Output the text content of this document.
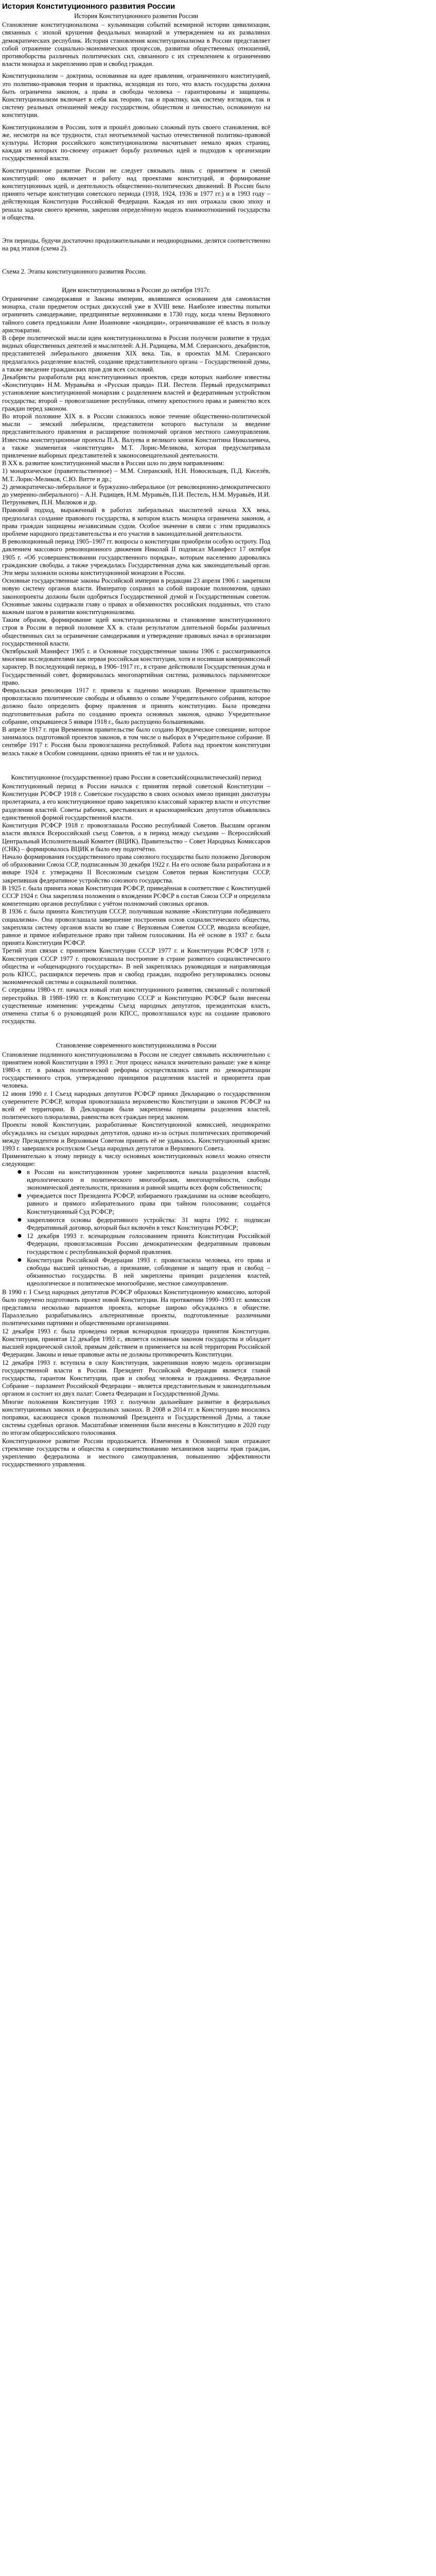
История Конституционного развития России
История Конституционного развития России

Становление конституционализма – кульминация событий всемирной истории цивилизации, связанных с эпохой крушения феодальных монархий и утверждением на их развалинах демократических республик. История становления конституционализма в России представляет собой отражение социально-экономических процессов, развития общественных отношений, противоборства различных политических сил, связанного с их стремлением к ограничению власти монарха и закреплению прав и свобод граждан.

Конституционализм – доктрина, основанная на идее правления, ограниченного конституцией, это политико-правовая теория и практика, исходящая из того, что власть государства должна быть ограничена законом, а права и свободы человека – гарантированы и защищены. Конституционализм включает в себя как теорию, так и практику, как систему взглядов, так и систему реальных отношений между государством, обществом и личностью, основанную на конституции.

Конституционализм в России, хотя и прошёл довольно сложный путь своего становления, всё же, несмотря на все трудности, стал неотъемлемой частью отечественной политико-правовой культуры. История российского конституционализма насчитывает немало ярких страниц, каждая из которых по-своему отражает борьбу различных идей и подходов к организации государственной власти.

Конституционное развитие России не следует связывать лишь с принятием и сменой конституций: оно включает и работу над проектами конституций, и формирование конституционных идей, и деятельность общественно-политических движений. В России было принято четыре конституции советского периода (1918, 1924, 1936 и 1977 гг.) и в 1993 году – действующая Конституция Российской Федерации. Каждая из них отражала свою эпоху и решала задачи своего времени, закрепляя определённую модель взаимоотношений государства и общества.

Эти периоды, будучи достаточно продолжительными и неоднородными, делятся соответственно на ряд этапов (схема 2).

Схема 2. Этапы конституционного развития России.

Идеи конституционализма в России до октября 1917г.

Ограничение самодержавия и Законы империи, являвшиеся основанием для самовластия монарха, стали предметом острых дискуссий уже в XVIII веке. Наиболее известны попытки ограничить самодержавие, предпринятые верховниками в 1730 году, когда члены Верховного тайного совета предложили Анне Иоанновне «кондиции», ограничивавшие её власть в пользу аристократии.

В сфере политической мысли идеи конституционализма в России получили развитие в трудах видных общественных деятелей и мыслителей: А.Н. Радищева, М.М. Сперанского, декабристов, представителей либерального движения XIX века. Так, в проектах М.М. Сперанского предлагалось разделение властей, создание представительного органа – Государственной думы, а также введение гражданских прав для всех сословий.

Декабристы разработали ряд конституционных проектов, среди которых наиболее известны «Конституция» Н.М. Муравьёва и «Русская правда» П.И. Пестеля. Первый предусматривал установление конституционной монархии с разделением властей и федеративным устройством государства; второй – провозглашение республики, отмену крепостного права и равенство всех граждан перед законом.

Во второй половине XIX в. в России сложилось новое течение общественно-политической мысли – земский либерализм, представители которого выступали за введение представительного правления и расширение полномочий органов местного самоуправления. Известны конституционные проекты П.А. Валуева и великого князя Константина Николаевича, а также знаменитая «конституция» М.Т. Лорис-Меликова, которая предусматривала привлечение выборных представителей к законосовещательной деятельности.

В XX в. развитие конституционной мысли в России шло по двум направлениям:

1) монархическое (правительственное) – М.М. Сперанский, Н.Н. Новосильцев, П.Д. Киселёв, М.Т. Лорис-Меликов, С.Ю. Витте и др.;

2) демократическо-либеральное и буржуазно-либеральное (от революционно-демократического до умеренно-либерального) – А.Н. Радищев, Н.М. Муравьёв, П.И. Пестель, Н.М. Муравьёв, И.И. Петрункевич, П.Н. Милюков и др.

Правовой подход, выраженный в работах либеральных мыслителей начала XX века, предполагал создание правового государства, в котором власть монарха ограничена законом, а права граждан защищены независимым судом. Особое значение в связи с этим придавалось проблеме народного представительства и его участия в законодательной деятельности.

В революционный период 1905–1907 гг. вопросы о конституции приобрели особую остроту. Под давлением массового революционного движения Николай II подписал Манифест 17 октября 1905 г. «Об усовершенствовании государственного порядка», которым населению даровались гражданские свободы, а также учреждалась Государственная дума как законодательный орган. Эти меры заложили основы конституционной монархии в России.

Основные государственные законы Российской империи в редакции 23 апреля 1906 г. закрепили новую систему органов власти. Император сохранял за собой широкие полномочия, однако законопроекты должны были одобряться Государственной думой и Государственным советом. Основные законы содержали главу о правах и обязанностях российских подданных, что стало важным шагом в развитии конституционализма.

Таким образом, формирование идей конституционализма и становление конституционного строя в России в первой половине XX в. стали результатом длительной борьбы различных общественных сил за ограничение самодержавия и утверждение правовых начал в организации государственной власти.

Октябрьский Манифест 1905 г. и Основные государственные законы 1906 г. рассматриваются многими исследователями как первая российская конституция, хотя и носившая компромиссный характер. В последующий период, в 1906–1917 гг., в стране действовали Государственная дума и Государственный совет, формировалась многопартийная система, развивалось парламентское право.

Февральская революция 1917 г. привела к падению монархии. Временное правительство провозгласило политические свободы и объявило о созыве Учредительного собрания, которое должно было определить форму правления и принять конституцию. Была проведена подготовительная работа по созданию проекта основных законов, однако Учредительное собрание, открывшееся 5 января 1918 г., было распущено большевиками.

В апреле 1917 г. при Временном правительстве было создано Юридическое совещание, которое занималось подготовкой проектов законов, в том числе о выборах в Учредительное собрание. В сентябре 1917 г. Россия была провозглашена республикой. Работа над проектом конституции велась также в Особом совещании, однако принять её так и не удалось.

Конституционное (государственное) право России в советский(социалистический) период

Конституционный период в России начался с принятия первой советской Конституции – Конституции РСФСР 1918 г. Советское государство в своих основах имело принцип диктатуры пролетариата, а его конституционное право закрепляло классовый характер власти и отсутствие разделения властей. Советы рабочих, крестьянских и красноармейских депутатов объявлялись единственной формой государственной власти.

Конституция РСФСР 1918 г. провозглашала Россию республикой Советов. Высшим органом власти являлся Всероссийский съезд Советов, а в период между съездами – Всероссийский Центральный Исполнительный Комитет (ВЦИК). Правительство – Совет Народных Комиссаров (СНК) – формировалось ВЦИК и было ему подотчётно.

Начало формирования государственного права союзного государства было положено Договором об образовании Союза ССР, подписанным 30 декабря 1922 г. На его основе была разработана и в январе 1924 г. утверждена II Всесоюзным съездом Советов первая Конституция СССР, закрепившая федеративное устройство союзного государства.

В 1925 г. была принята новая Конституция РСФСР, приведённая в соответствие с Конституцией СССР 1924 г. Она закрепляла положения о вхождении РСФСР в состав Союза ССР и определяла компетенцию органов республики с учётом полномочий союзных органов.

В 1936 г. была принята Конституция СССР, получившая название «Конституции победившего социализма». Она провозглашала завершение построения основ социалистического общества, закрепляла систему органов власти во главе с Верховным Советом СССР, вводила всеобщее, равное и прямое избирательное право при тайном голосовании. На её основе в 1937 г. была принята Конституция РСФСР.

Третий этап связан с принятием Конституции СССР 1977 г. и Конституции РСФСР 1978 г. Конституция СССР 1977 г. провозглашала построение в стране развитого социалистического общества и «общенародного государства». В ней закреплялась руководящая и направляющая роль КПСС, расширялся перечень прав и свобод граждан, подробно регулировались основы экономической системы и социальной политики.

С середины 1980-х гг. начался новый этап конституционного развития, связанный с политикой перестройки. В 1988–1990 гг. в Конституцию СССР и Конституцию РСФСР были внесены существенные изменения: учреждены Съезд народных депутатов, президентская власть, отменена статья 6 о руководящей роли КПСС, провозглашался курс на создание правового государства.

Становление современного конституционализма в России

Становление подлинного конституционализма в России не следует связывать исключительно с принятием новой Конституции в 1993 г. Этот процесс начался значительно раньше: уже в конце 1980-х гг. в рамках политической реформы осуществлялись шаги по демократизации государственного строя, утверждению принципов разделения властей и приоритета прав человека.

12 июня 1990 г. I Съезд народных депутатов РСФСР принял Декларацию о государственном суверенитете РСФСР, которая провозглашала верховенство Конституции и законов РСФСР на всей её территории. В Декларации были закреплены принципы разделения властей, политического плюрализма, равенства всех граждан перед законом.

Проекты новой Конституции, разработанные Конституционной комиссией, неоднократно обсуждались на съездах народных депутатов, однако из-за острых политических противоречий между Президентом и Верховным Советом принять её не удавалось. Конституционный кризис 1993 г. завершился роспуском Съезда народных депутатов и Верховного Совета.

Применительно к этому периоду к числу основных конституционных новелл можно отнести следующие:

● в России на конституционном уровне закрепляются начала разделения властей, идеологического и политического многообразия, многопартийности, свободы экономической деятельности, признания и равной защиты всех форм собственности;
● учреждается пост Президента РСФСР, избираемого гражданами на основе всеобщего, равного и прямого избирательного права при тайном голосовании; создаётся Конституционный Суд РСФСР;
● закрепляются основы федеративного устройства: 31 марта 1992 г. подписан Федеративный договор, который был включён в текст Конституции РСФСР;
● 12 декабря 1993 г. всенародным голосованием принята Конституция Российской Федерации, провозгласившая Россию демократическим федеративным правовым государством с республиканской формой правления.
● Конституция Российской Федерации 1993 г. провозгласила человека, его права и свободы высшей ценностью, а признание, соблюдение и защиту прав и свобод – обязанностью государства. В ней закреплены принцип разделения властей, идеологическое и политическое многообразие, местное самоуправление.

В 1990 г. I Съезд народных депутатов РСФСР образовал Конституционную комиссию, которой было поручено подготовить проект новой Конституции. На протяжении 1990–1993 гг. комиссия представила несколько вариантов проекта, которые широко обсуждались в обществе. Параллельно разрабатывались альтернативные проекты, подготовленные различными политическими партиями и общественными организациями.

12 декабря 1993 г. была проведена первая всенародная процедура принятия Конституции. Конституция, принятая 12 декабря 1993 г., является основным законом государства и обладает высшей юридической силой, прямым действием и применяется на всей территории Российской Федерации. Законы и иные правовые акты не должны противоречить Конституции.

12 декабря 1993 г. вступила в силу Конституция, закрепившая новую модель организации государственной власти в России. Президент Российской Федерации является главой государства, гарантом Конституции, прав и свобод человека и гражданина. Федеральное Собрание – парламент Российской Федерации – является представительным и законодательным органом и состоит из двух палат: Совета Федерации и Государственной Думы.

Многие положения Конституции 1993 г. получили дальнейшее развитие в федеральных конституционных законах и федеральных законах. В 2008 и 2014 гг. в Конституцию вносились поправки, касающиеся сроков полномочий Президента и Государственной Думы, а также системы судебных органов. Масштабные изменения были внесены в Конституцию в 2020 году по итогам общероссийского голосования.

Конституционное развитие России продолжается. Изменения в Основной закон отражают стремление государства и общества к совершенствованию механизмов защиты прав граждан, укреплению федерализма и местного самоуправления, повышению эффективности государственного управления.
